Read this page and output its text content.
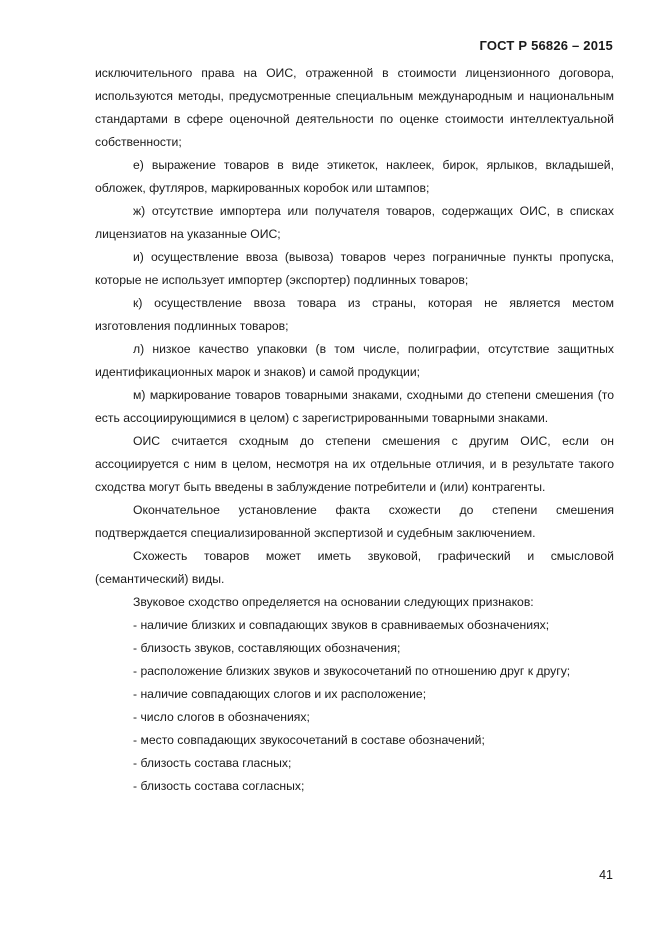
ГОСТ Р 56826 – 2015

исключительного права на ОИС, отраженной в стоимости лицензионного договора, используются методы, предусмотренные специальным международным и национальным стандартами в сфере оценочной деятельности по оценке стоимости интеллектуальной собственности;

е) выражение товаров в виде этикеток, наклеек, бирок, ярлыков, вкладышей, обложек, футляров, маркированных коробок или штампов;

ж) отсутствие импортера или получателя товаров, содержащих ОИС, в списках лицензиатов на указанные ОИС;

и) осуществление ввоза (вывоза) товаров через пограничные пункты пропуска, которые не использует импортер (экспортер) подлинных товаров;

к) осуществление ввоза товара из страны, которая не является местом изготовления подлинных товаров;

л) низкое качество упаковки (в том числе, полиграфии, отсутствие защитных идентификационных марок и знаков) и самой продукции;

м) маркирование товаров товарными знаками, сходными до степени смешения (то есть ассоциирующимися в целом) с зарегистрированными товарными знаками.

ОИС считается сходным до степени смешения с другим ОИС, если он ассоциируется с ним в целом, несмотря на их отдельные отличия, и в результате такого сходства могут быть введены в заблуждение потребители и (или) контрагенты.

Окончательное установление факта схожести до степени смешения подтверждается специализированной экспертизой и судебным заключением.

Схожесть товаров может иметь звуковой, графический и смысловой (семантический) виды.

Звуковое сходство определяется на основании следующих признаков:

- наличие близких и совпадающих звуков в сравниваемых обозначениях;

- близость звуков, составляющих обозначения;

- расположение близких звуков и звукосочетаний по отношению друг к другу;

- наличие совпадающих слогов и их расположение;

- число слогов в обозначениях;

- место совпадающих звукосочетаний в составе обозначений;

- близость состава гласных;

- близость состава согласных;

41
